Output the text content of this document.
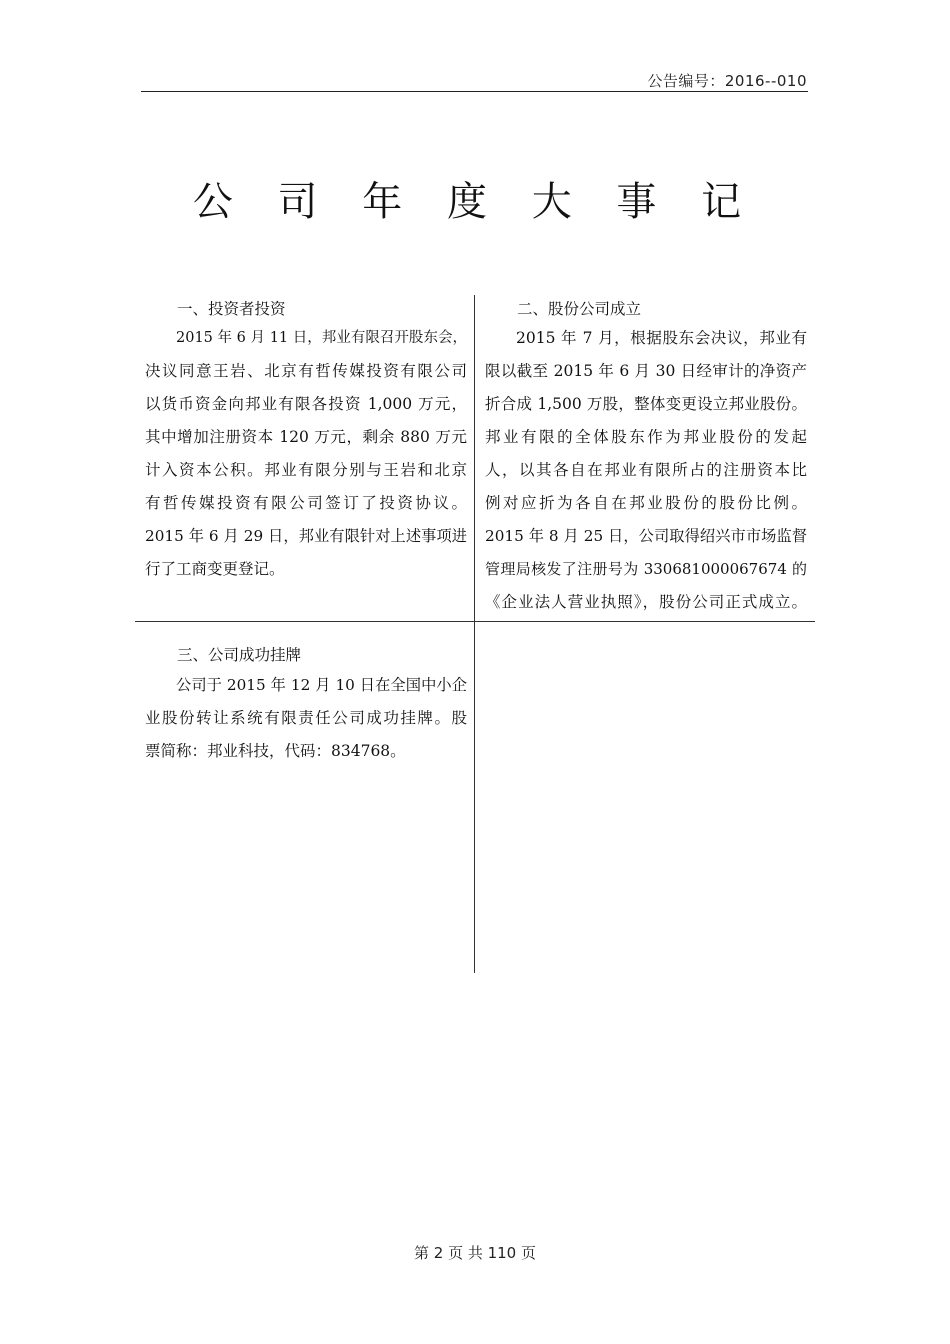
公告编号：2016--010
公 司 年 度 大 事 记
一、投资者投资
2015 年 6 月 11 日，邦业有限召开股东会，
决议同意王岩、北京有哲传媒投资有限公司
以货币资金向邦业有限各投资 1,000 万元，
其中增加注册资本 120 万元，剩余 880 万元
计入资本公积。邦业有限分别与王岩和北京
有哲传媒投资有限公司签订了投资协议。
2015 年 6 月 29 日，邦业有限针对上述事项进
行了工商变更登记。
二、股份公司成立
2015 年 7 月，根据股东会决议，邦业有
限以截至 2015 年 6 月 30 日经审计的净资产
折合成 1,500 万股，整体变更设立邦业股份。
邦业有限的全体股东作为邦业股份的发起
人，以其各自在邦业有限所占的注册资本比
例对应折为各自在邦业股份的股份比例。
2015 年 8 月 25 日，公司取得绍兴市市场监督
管理局核发了注册号为 330681000067674 的
《企业法人营业执照》，股份公司正式成立。
三、公司成功挂牌
公司于 2015 年 12 月 10 日在全国中小企
业股份转让系统有限责任公司成功挂牌。股
票简称：邦业科技，代码：834768。
第 2 页 共 110 页
